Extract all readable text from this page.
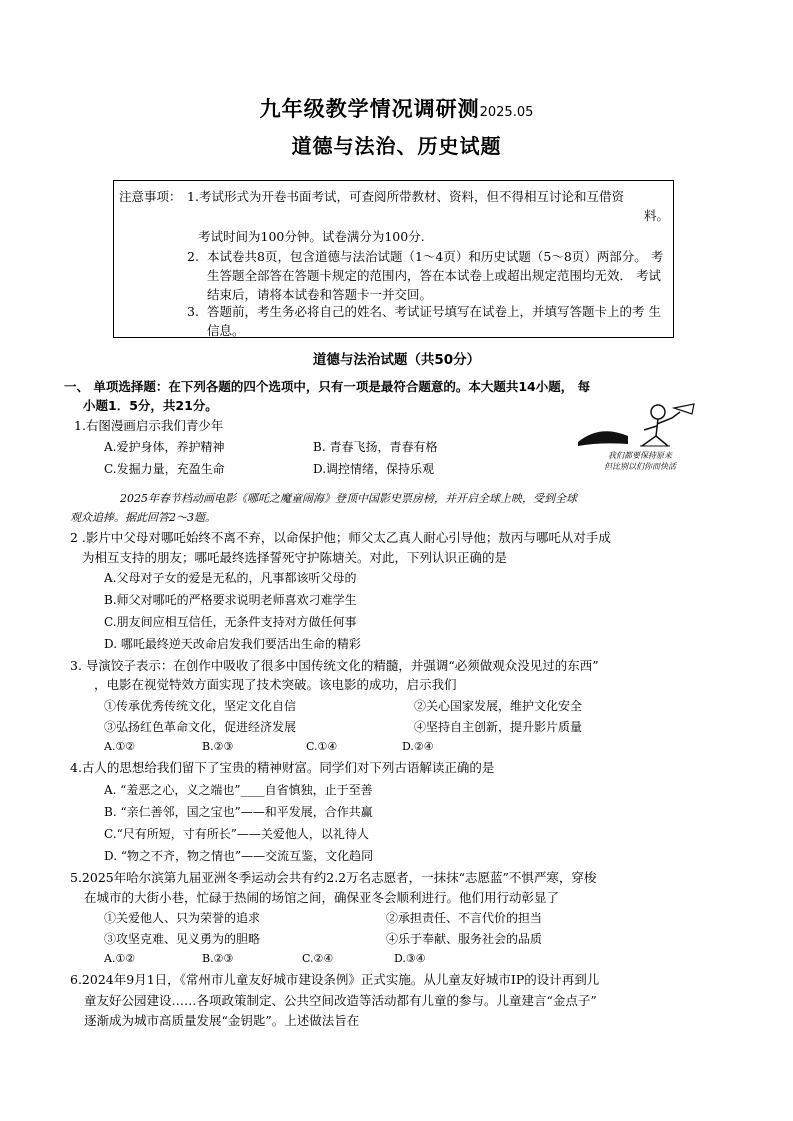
九年级教学情况调研测2025.05
道德与法治、历史试题
注意事项： 1.考试形式为开卷书面考试，可查阅所带教材、资料，但不得相互讨论和互借资
料。
考试时间为100分钟。试卷满分为100分.
2. 本试卷共8页，包含道德与法治试题（1～4页）和历史试题（5～8页）两部分。 考生答题全部答在答题卡规定的范围内，答在本试卷上或超出规定范围均无效． 考试结束后，请将本试卷和答题卡一并交回。
3. 答题前，考生务必将自己的姓名、考试证号填写在试卷上，并填写答题卡上的考 生信息。
道德与法治试题（共50分）
一、 单项选择题：在下列各题的四个选项中，只有一项是最符合题意的。本大题共14小题， 每
小题1．5分，共21分。
1.右图漫画启示我们青少年
A.爱护身体，养护精神	B. 青春飞扬，青春有格
C.发掘力量，充盈生命	D.调控情绪，保持乐观
2025年春节档动画电影《哪吒之魔童闹海》登顶中国影史票房榜，并开启全球上映，受到全球
观众追捧。据此回答2～3题。
2 .影片中父母对哪吒始终不离不弃，以命保护他；师父太乙真人耐心引导他；敖丙与哪吒从对手成
为相互支持的朋友；哪吒最终选择誓死守护陈塘关。对此，下列认识正确的是
A.父母对子女的爱是无私的，凡事都该听父母的
B.师父对哪吒的严格要求说明老师喜欢刁难学生
C.朋友间应相互信任，无条件支持对方做任何事
D. 哪吒最终逆天改命启发我们要活出生命的精彩
3. 导演饺子表示：在创作中吸收了很多中国传统文化的精髓，并强调“必须做观众没见过的东西”
，电影在视觉特效方面实现了技术突破。该电影的成功，启示我们
①传承优秀传统文化，坚定文化自信	②关心国家发展，维护文化安全
③弘扬红色革命文化，促进经济发展	④坚持自主创新，提升影片质量
A.①②	B.②③	C.①④	D.②④
4.古人的思想给我们留下了宝贵的精神财富。同学们对下列古语解读正确的是
A. “羞恶之心，义之端也”____自省慎独，止于至善
B. “亲仁善邻，国之宝也”——和平发展，合作共赢
C.“尺有所短，寸有所长”——关爱他人，以礼待人
D. “物之不齐，物之情也”——交流互鉴，文化趋同
5.2025年哈尔滨第九届亚洲冬季运动会共有约2.2万名志愿者，一抹抹“志愿蓝”不惧严寒，穿梭
在城市的大街小巷，忙碌于热闹的场馆之间，确保亚冬会顺利进行。他们用行动彰显了
①关爱他人、只为荣誉的追求	②承担责任、不言代价的担当
③攻坚克难、见义勇为的胆略	④乐于奉献、服务社会的品质
A.①②	B.②③	C.②④	D.③④
6.2024年9月1日，《常州市儿童友好城市建设条例》正式实施。从儿童友好城市IP的设计再到儿
童友好公园建设……各项政策制定、公共空间改造等活动都有儿童的参与。儿童建言“金点子”
逐渐成为城市高质量发展“金钥匙”。上述做法旨在
我们都要保持原来
但比别以们你而快活
